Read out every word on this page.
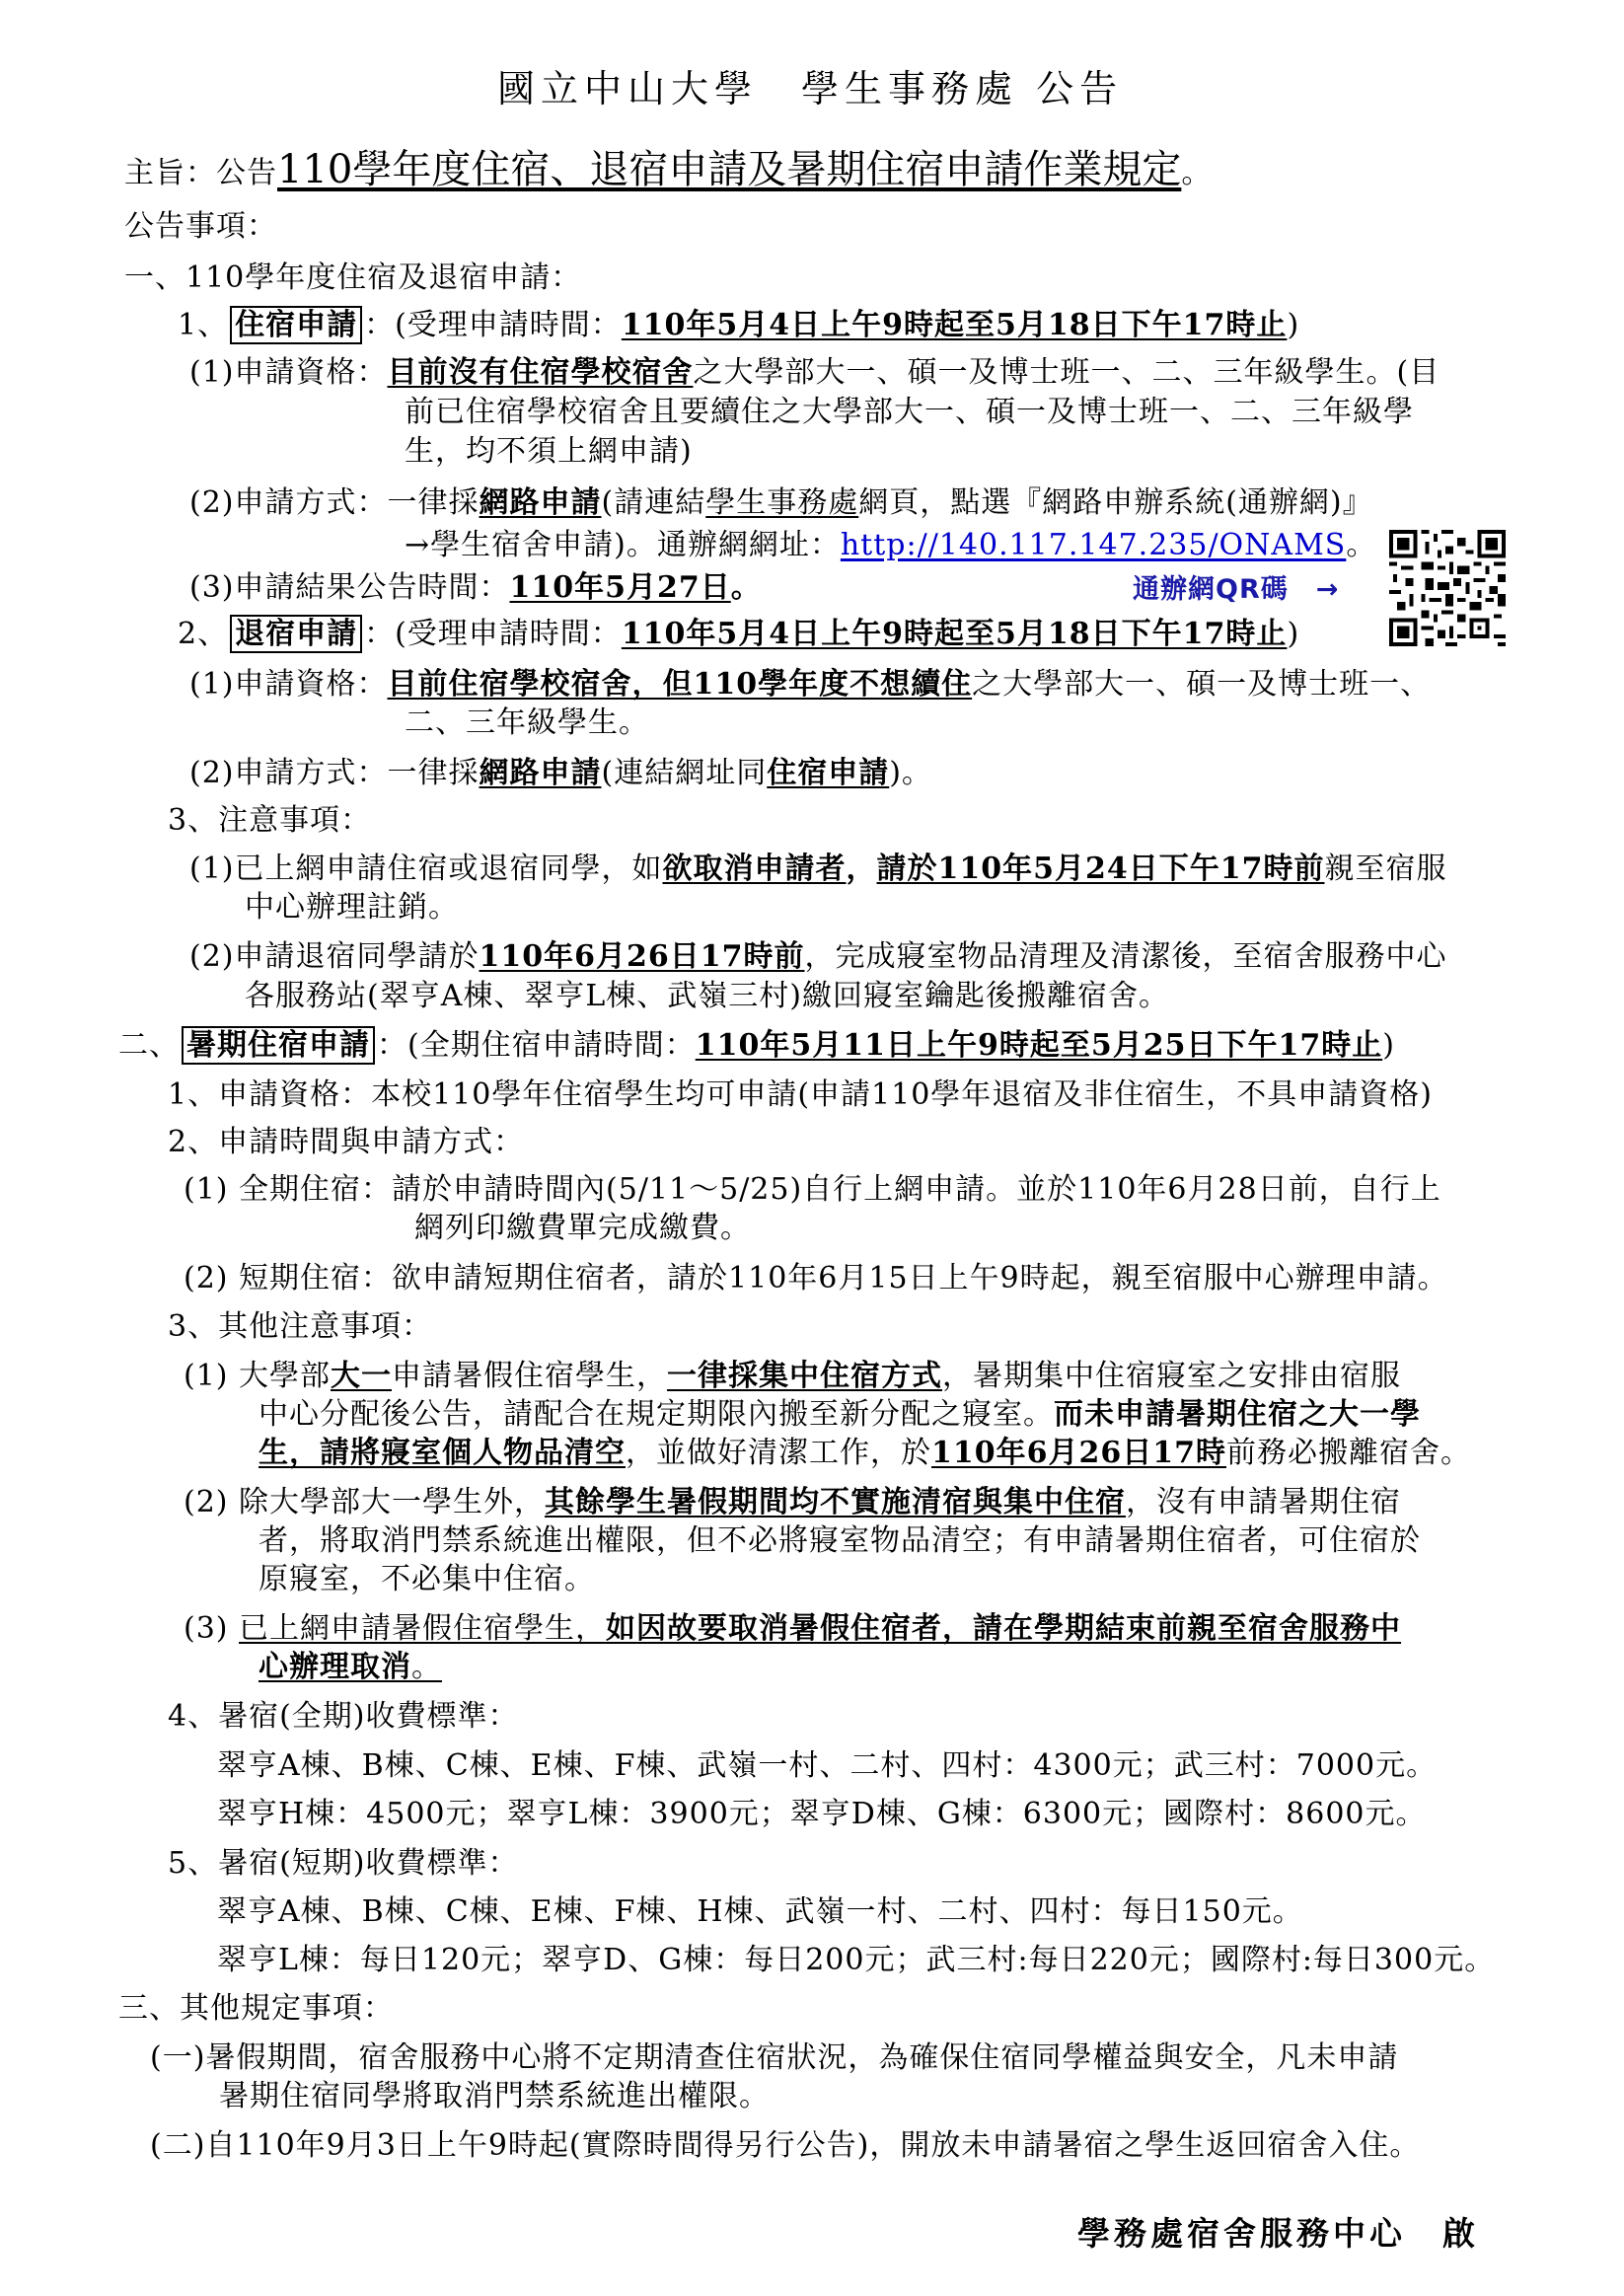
國立中山大學　學生事務處 公告
主旨：公告110學年度住宿、退宿申請及暑期住宿申請作業規定。
公告事項：
一、110學年度住宿及退宿申請：
1、 住宿申請 ：(受理申請時間：110年5月4日上午9時起至5月18日下午17時止)
(1)申請資格：目前沒有住宿學校宿舍之大學部大一、碩一及博士班一、二、三年級學生。(目
前已住宿學校宿舍且要續住之大學部大一、碩一及博士班一、二、三年級學
生，均不須上網申請)
(2)申請方式：一律採網路申請(請連結學生事務處網頁，點選『網路申辦系統(通辦網)』
→學生宿舍申請)。通辦網網址：http://140.117.147.235/ONAMS。
(3)申請結果公告時間：110年5月27日。	通辦網QR碼　→
2、 退宿申請 ：(受理申請時間：110年5月4日上午9時起至5月18日下午17時止)
(1)申請資格：目前住宿學校宿舍，但110學年度不想續住之大學部大一、碩一及博士班一、
二、三年級學生。
(2)申請方式：一律採網路申請(連結網址同住宿申請)。
3、注意事項：
(1)已上網申請住宿或退宿同學，如欲取消申請者，請於110年5月24日下午17時前親至宿服
中心辦理註銷。
(2)申請退宿同學請於110年6月26日17時前，完成寢室物品清理及清潔後，至宿舍服務中心
各服務站(翠亨A棟、翠亨L棟、武嶺三村)繳回寢室鑰匙後搬離宿舍。
二、 暑期住宿申請 ：(全期住宿申請時間：110年5月11日上午9時起至5月25日下午17時止)
1、申請資格：本校110學年住宿學生均可申請(申請110學年退宿及非住宿生，不具申請資格)
2、申請時間與申請方式：
(1) 全期住宿：請於申請時間內(5/11～5/25)自行上網申請。並於110年6月28日前，自行上
網列印繳費單完成繳費。
(2) 短期住宿：欲申請短期住宿者，請於110年6月15日上午9時起，親至宿服中心辦理申請。
3、其他注意事項：
(1) 大學部大一申請暑假住宿學生，一律採集中住宿方式，暑期集中住宿寢室之安排由宿服
中心分配後公告，請配合在規定期限內搬至新分配之寢室。而未申請暑期住宿之大一學
生，請將寢室個人物品清空，並做好清潔工作，於110年6月26日17時前務必搬離宿舍。
(2) 除大學部大一學生外，其餘學生暑假期間均不實施清宿與集中住宿，沒有申請暑期住宿
者，將取消門禁系統進出權限，但不必將寢室物品清空；有申請暑期住宿者，可住宿於
原寢室，不必集中住宿。
(3) 已上網申請暑假住宿學生，如因故要取消暑假住宿者，請在學期結束前親至宿舍服務中
心辦理取消。
4、暑宿(全期)收費標準：
翠亨A棟、B棟、C棟、E棟、F棟、武嶺一村、二村、四村：4300元；武三村：7000元。
翠亨H棟：4500元；翠亨L棟：3900元；翠亨D棟、G棟：6300元；國際村：8600元。
5、暑宿(短期)收費標準：
翠亨A棟、B棟、C棟、E棟、F棟、H棟、武嶺一村、二村、四村：每日150元。
翠亨L棟：每日120元；翠亨D、G棟：每日200元；武三村:每日220元；國際村:每日300元。
三、其他規定事項：
(一)暑假期間，宿舍服務中心將不定期清查住宿狀況，為確保住宿同學權益與安全，凡未申請
暑期住宿同學將取消門禁系統進出權限。
(二)自110年9月3日上午9時起(實際時間得另行公告)，開放未申請暑宿之學生返回宿舍入住。
學務處宿舍服務中心　啟
